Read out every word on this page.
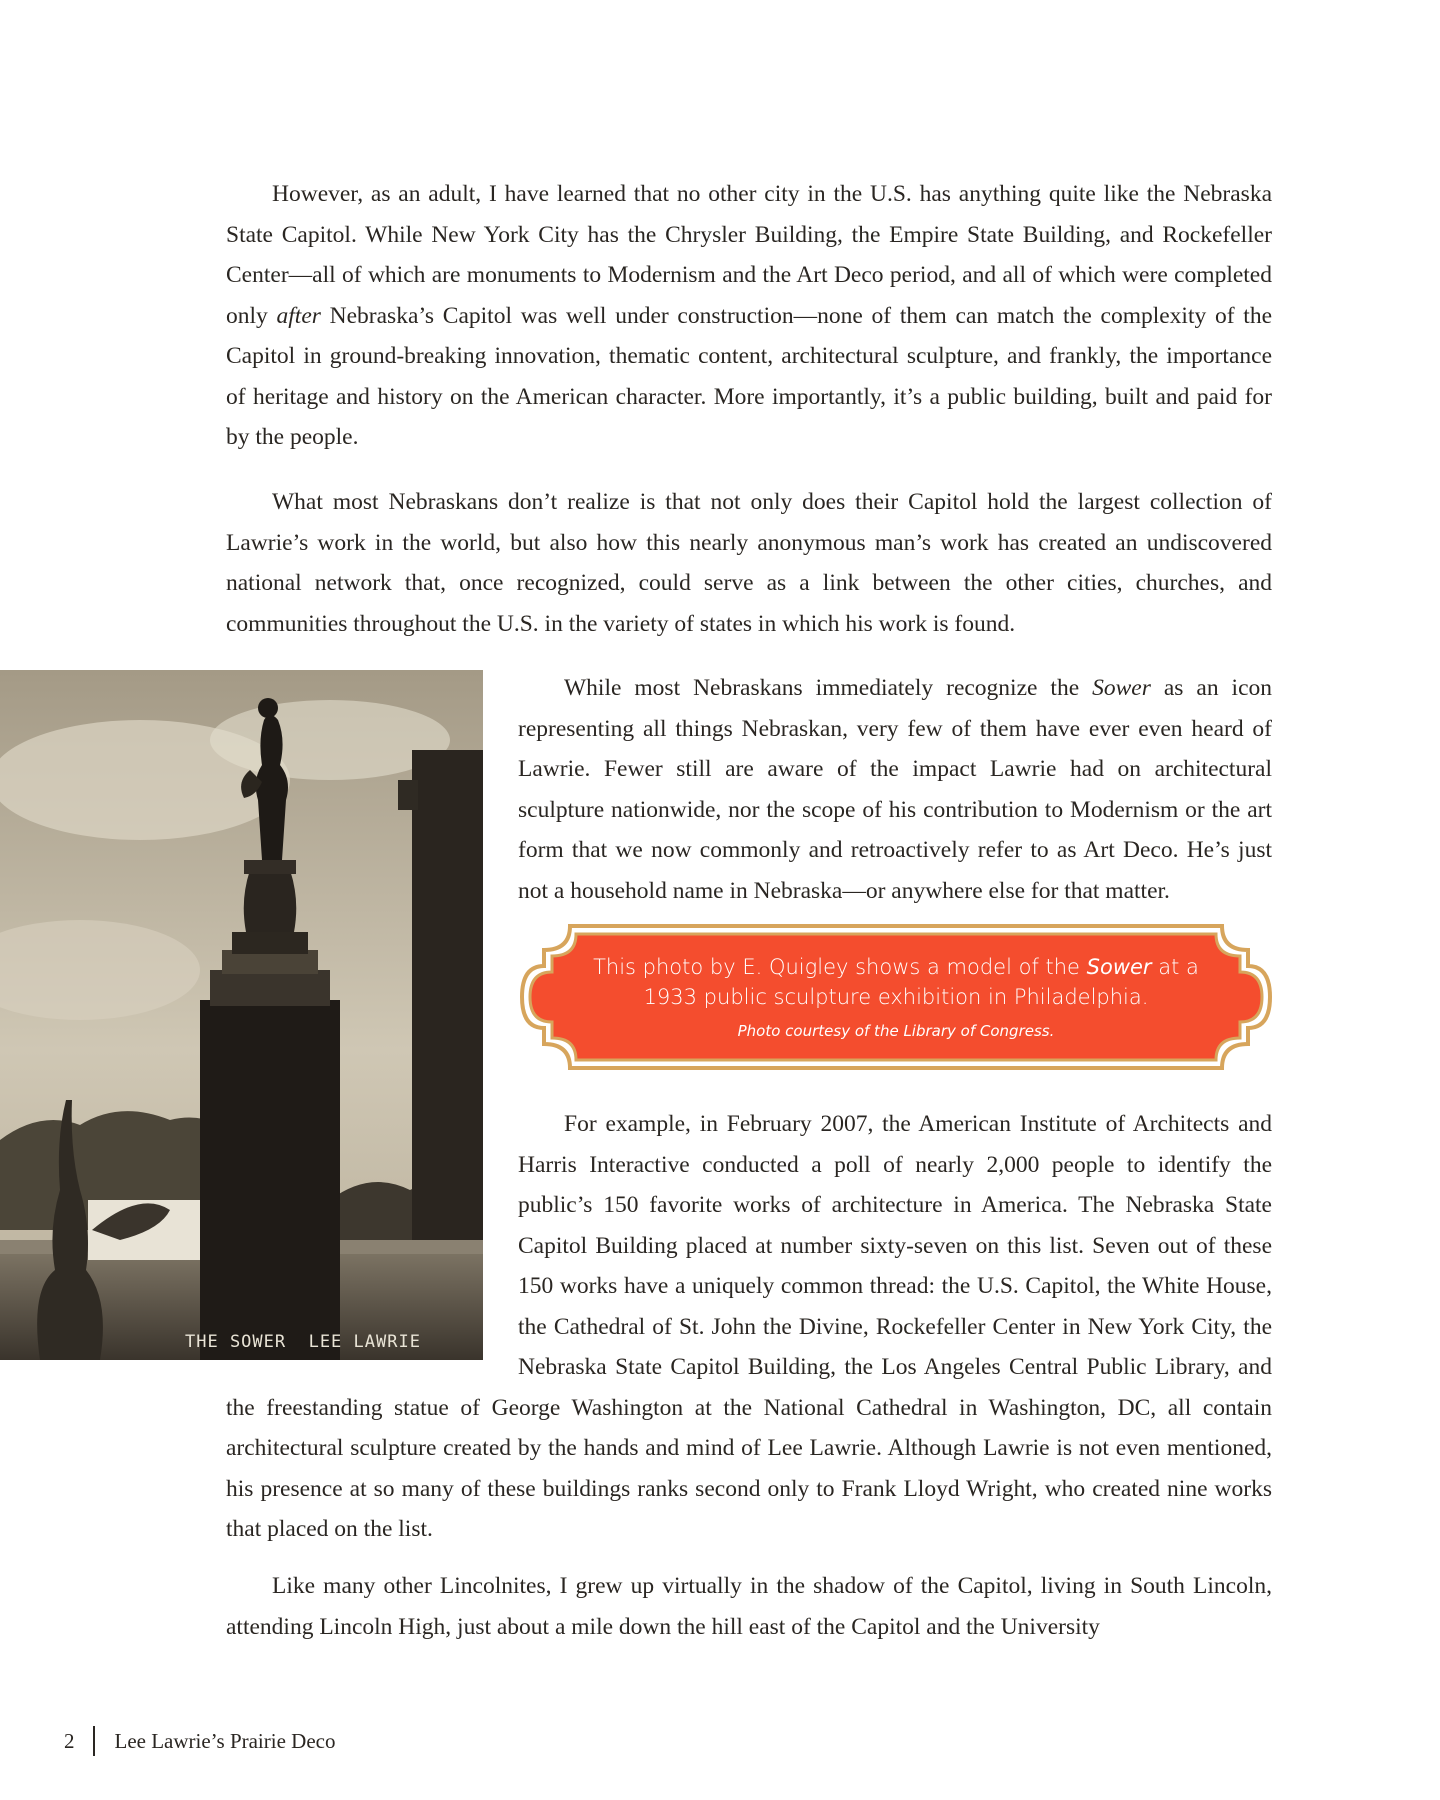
However, as an adult, I have learned that no other city in the U.S. has anything quite like the Nebraska State Capitol. While New York City has the Chrysler Building, the Empire State Building, and Rockefeller Center—all of which are monuments to Modernism and the Art Deco period, and all of which were completed only after Nebraska’s Capitol was well under construction—none of them can match the complexity of the Capitol in ground-breaking innovation, thematic content, architectural sculpture, and frankly, the importance of heritage and history on the American character. More importantly, it’s a public building, built and paid for by the people.

What most Nebraskans don’t realize is that not only does their Capitol hold the largest collection of Lawrie’s work in the world, but also how this nearly anonymous man’s work has created an undiscovered national network that, once recognized, could serve as a link between the other cities, churches, and communities throughout the U.S. in the variety of states in which his work is found.

THE SOWER  LEE LAWRIE

While most Nebraskans immediately recognize the Sower as an icon representing all things Nebraskan, very few of them have ever even heard of Lawrie. Fewer still are aware of the impact Lawrie had on architectural sculpture nationwide, nor the scope of his contribution to Modernism or the art form that we now commonly and retroactively refer to as Art Deco. He’s just not a household name in Nebraska—or anywhere else for that matter.

This photo by E. Quigley shows a model of the Sower at a
1933 public sculpture exhibition in Philadelphia.
Photo courtesy of the Library of Congress.

For example, in February 2007, the American Institute of Architects and Harris Interactive conducted a poll of nearly 2,000 people to identify the public’s 150 favorite works of architecture in America. The Nebraska State Capitol Building placed at number sixty-seven on this list. Seven out of these 150 works have a uniquely common thread: the U.S. Capitol, the White House, the Cathedral of St. John the Divine, Rockefeller Center in New York City, the Nebraska State Capitol Building, the Los Angeles Central Public Library, and the freestanding statue of George Washington at the National Cathedral in Washington, DC, all contain architectural sculpture created by the hands and mind of Lee Lawrie. Although Lawrie is not even mentioned, his presence at so many of these buildings ranks second only to Frank Lloyd Wright, who created nine works that placed on the list.

Like many other Lincolnites, I grew up virtually in the shadow of the Capitol, living in South Lincoln, attending Lincoln High, just about a mile down the hill east of the Capitol and the University

2 Lee Lawrie’s Prairie Deco
